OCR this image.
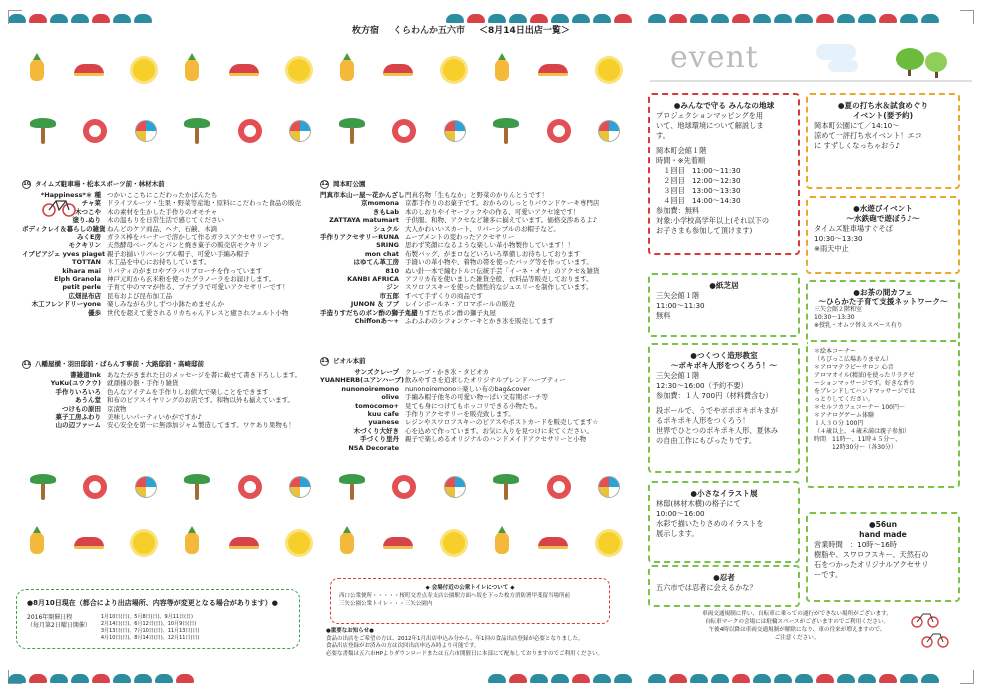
枚方宿 くらわんか五六市 ＜8月14日出店一覧＞
10 タイムズ駐車場・松本スポーツ前・林材木前
*Happiness*＊ 種 つかいここちにこだわったかばんたち
チャ菜 ドライフルーツ・生果・野菜等産地・原料にこだわった食品の販売
木つこや 木の素材を生かした手作りのオモチャ
塗り.ぬり 木の温もりを日常生活で感じてください
ボディクレイ＆暮らしの雑貨 ねんどのケア商品、ヘナ、石鹸、木滴
みくE房 ガラス棒をバーナーで溶かして作るガラスアクセサリーです。
モクキリン 天然酵母ベーグルとパンと焼き菓子の販売店モクキリン
イブピアジェ yves piaget 親子お揃いリバーシブル帽子、可愛い手編み帽子
TOTTAN 木工品を中心にお持ちしています。
kihara mai リバティのがまロやブラバリブローチを作っています
Elph Granola 神戸元町から玄米粉を使ったグラノーラをお届けします。
petit perle 子育て中のママが作る、プチプラで可愛いアクセサリーです！
広畑昆布店 昆布および昆布加工品
木工フレンドリーyone 楽しみながら少しずつ小鉢ためませんか
優歩 世代を超えて愛されるリカちゃんドレスと癒されフェルト小物
11 八幡屋横・羽田邸前・ぱらんす事前・大路邸前・高崎邸前
書雑道Ink あなたがきまれた日のメッセージを書に載せて書き下ろしします。
YuKu(ユウクウ) 就顔様の器・手作り雑貨
手作りいろいろ 色んなアイテムを手作りしお値大で楽しことをできます
あうん堂 和布のピアスイヤリングのお店です。和物以外も揃えています。
つけもの原田 京漬物
菓子工房ふわり 美味しいパーティいかがですか♪
山の辺ファーム 安心安全を第一に無添加ジャム製造してます。ワケあり果物も！
12 岡本町公園
門真市本山ー屋〜花かんざし 門真名物「生もなか」と野菜のかりんとうです！
京momona 京都手作りのお菓子です。おからのしっとりパウンドケーキ専門店
きもLab 本のしおりやイヤーフックやの作る、可愛いアクセ達です！
ZATTAYA matumart 子供服、和物、アクセなど雑多に揃えています。価格交渉あるよ♪
シュクル 大人かわいいスカート、リバーシブルのお帽子など。
手作りアクセサリーRUNA ムーブメントの変わったアクセサリー
SRING 思わず笑顔になるような楽しい革小物製作しています！！
mon chat 布製バッグ、がまロなどいろいろ準備しお待ちしております
はゆてん革工房 手縫いの革小物や、着物の帯を使ったバッグ等を作っています。
810 ぬい針一本で編むトルコ伝統手芸「イーネ・オヤ」のアクセ＆雑貨
KANBI AFRICA アフリカ布を使いました雑貨全般、衣料品等販売しております。
ジン スワロフスキーを使った個性的なジュエリーを制作しています。
市五郎 すべて手ずくりの商品です
JUNON ＆ フブ レインボールネ・アロマポールの販売
手造りすだちのボン酢の獅子丸屋
手造りすだちボン酢の獅子丸屋
Chiffonあ〜+ ふわふわのシフォンケーキとかき氷を販売してます
13 ビオル本前
サンズクレープ クレープ・かき氷・タピオカ
YUANHERB(ユアンハーブ) 飲みやすさを追求したオリジナルブレンドハーブティー
nunonoiremono nunonoiremono☆楽しい布のbag&cover
olive 手編み帽子他冬の可愛い物〜ぱい文有期ボーチ等
tomocomo+ 見ても身につけてもホッコリできる小物たち。
kuu cafe 手作りアクセサリーを販売致します。
yuanese レジンやスワロフスキーのピアスやポストカードを販売してます☆
木づくり大好き 心を込めて作っています。お気に入りを見つけに来てください。
手づくり里丹 親子で楽しめるオリジナルのハンドメイドアクセサリーと小物
NSA Decorate
●8月10日現在（都合により出店場所、内容等が変更となる場合があります）●
2016年開催日程
（毎月第2日曜日開催）
1月10日(日)、5月8日(日)、9月11日(日)
2月14日(日)、6月12日(日)、10月9日(日)
3月13日(日)、7月10日(日)、11月13日(日)
4月10日(日)、8月14日(日)、12月11日(日)
◆ 会場付近の公衆トイレについて ◆
西口公衆便所・・・・・桜町交差点寿支店公園駅方面へ坂を下った枚方消防署甲斐留当場所前
三矢公園公衆トイレ・・・三矢公園内
●重要なお知らせ●
食品の出店をご希望の方は、2012年1月出店申込み分から、年1回の食品出店登録が必要となりました。
食品出店登録がお済みの方は次回出店申込み時より可能です。
必要な書類は五六市HPよりダウンロードまたは五六市開催日に本部にて配布しておりますのでご利用ください。
event
●みんなで守る みんなの地球

プロジェクションマッピングを用

いて、地球環境について解説しま

す。

岡本町会館１階

時間・※先着順

　１回目　11:00〜11:30

　２回目　12:00〜12:30

　３回目　13:00〜13:30

　４回目　14:00〜14:30

参加費：無料

対象:小学校高学年以上(それ以下の

お子さまも参加して頂けます)

●夏の打ち水＆試食めぐり
イベント(要予約)

岡本町公園にて／14:10〜

涼めて一評打ち水イベント！エコ

に すずしくなっちゃおう♪

●水遊びイベント
〜水鉄砲で遊ぼう♪〜

タイムズ駐車場すぐそば

10:30〜13:30

※雨天中止

●紙芝居

三矢会館１階

11:00〜11:30

無料

●お茶の間カフェ
〜ひらかた子育て支援ネットワーク〜

三矢会館２階和室

10:30〜13:30

※授乳・オムツ替えスペース有り

●つくつく造形教室
〜ポキポキ人形をつくろう！〜

三矢会館１階

12:30〜16:00（予約不要）

参加費：１人 700円（材料費含む）

段ボールで、うでやボポポキポキまが

るポキポキ人形をつくろう！

世界でひとつのポキポキ人形、夏休み

の自由工作にもぴったりです。

＊絵本コーナー

（ちびっこ広場ありません）

＊アロマテラピーサロン 心音

アロマオイル(精油)を使ったリラクゼ

ーションマッサージです。好きな香り

をブレンドしてハンドマッサージでは

っとりしてください。

＊セルフカフェコーナー 100円〜

＊アナログゲーム体験

１人３０分 100円

（４歳以上、４歳未満は親子参加）

時間　11時〜、11時４５分〜、

　　　12時30分〜（各30分）

●小さなイラスト展

林邸(林材木横)の格子にて

10:00〜16:00

水彩で描いたりさめのイラストを

展示します。

●56un
hand made

営業時間　：10時〜16時

樹脂や、スワロフスキー、天然石の

石をつかったオリジナルアクセサリ

ーです。

●忍者

五六市では忍者に会えるかな？

車両交通規制に伴い、自転車に乗っての通行ができない場所がございます。
自転車マークの会場には駐輪スペースがございますのでご利用ください。
午後4時以降は車両交通規制が解除になり、車の往来が増えますので、
ご注意ください。
